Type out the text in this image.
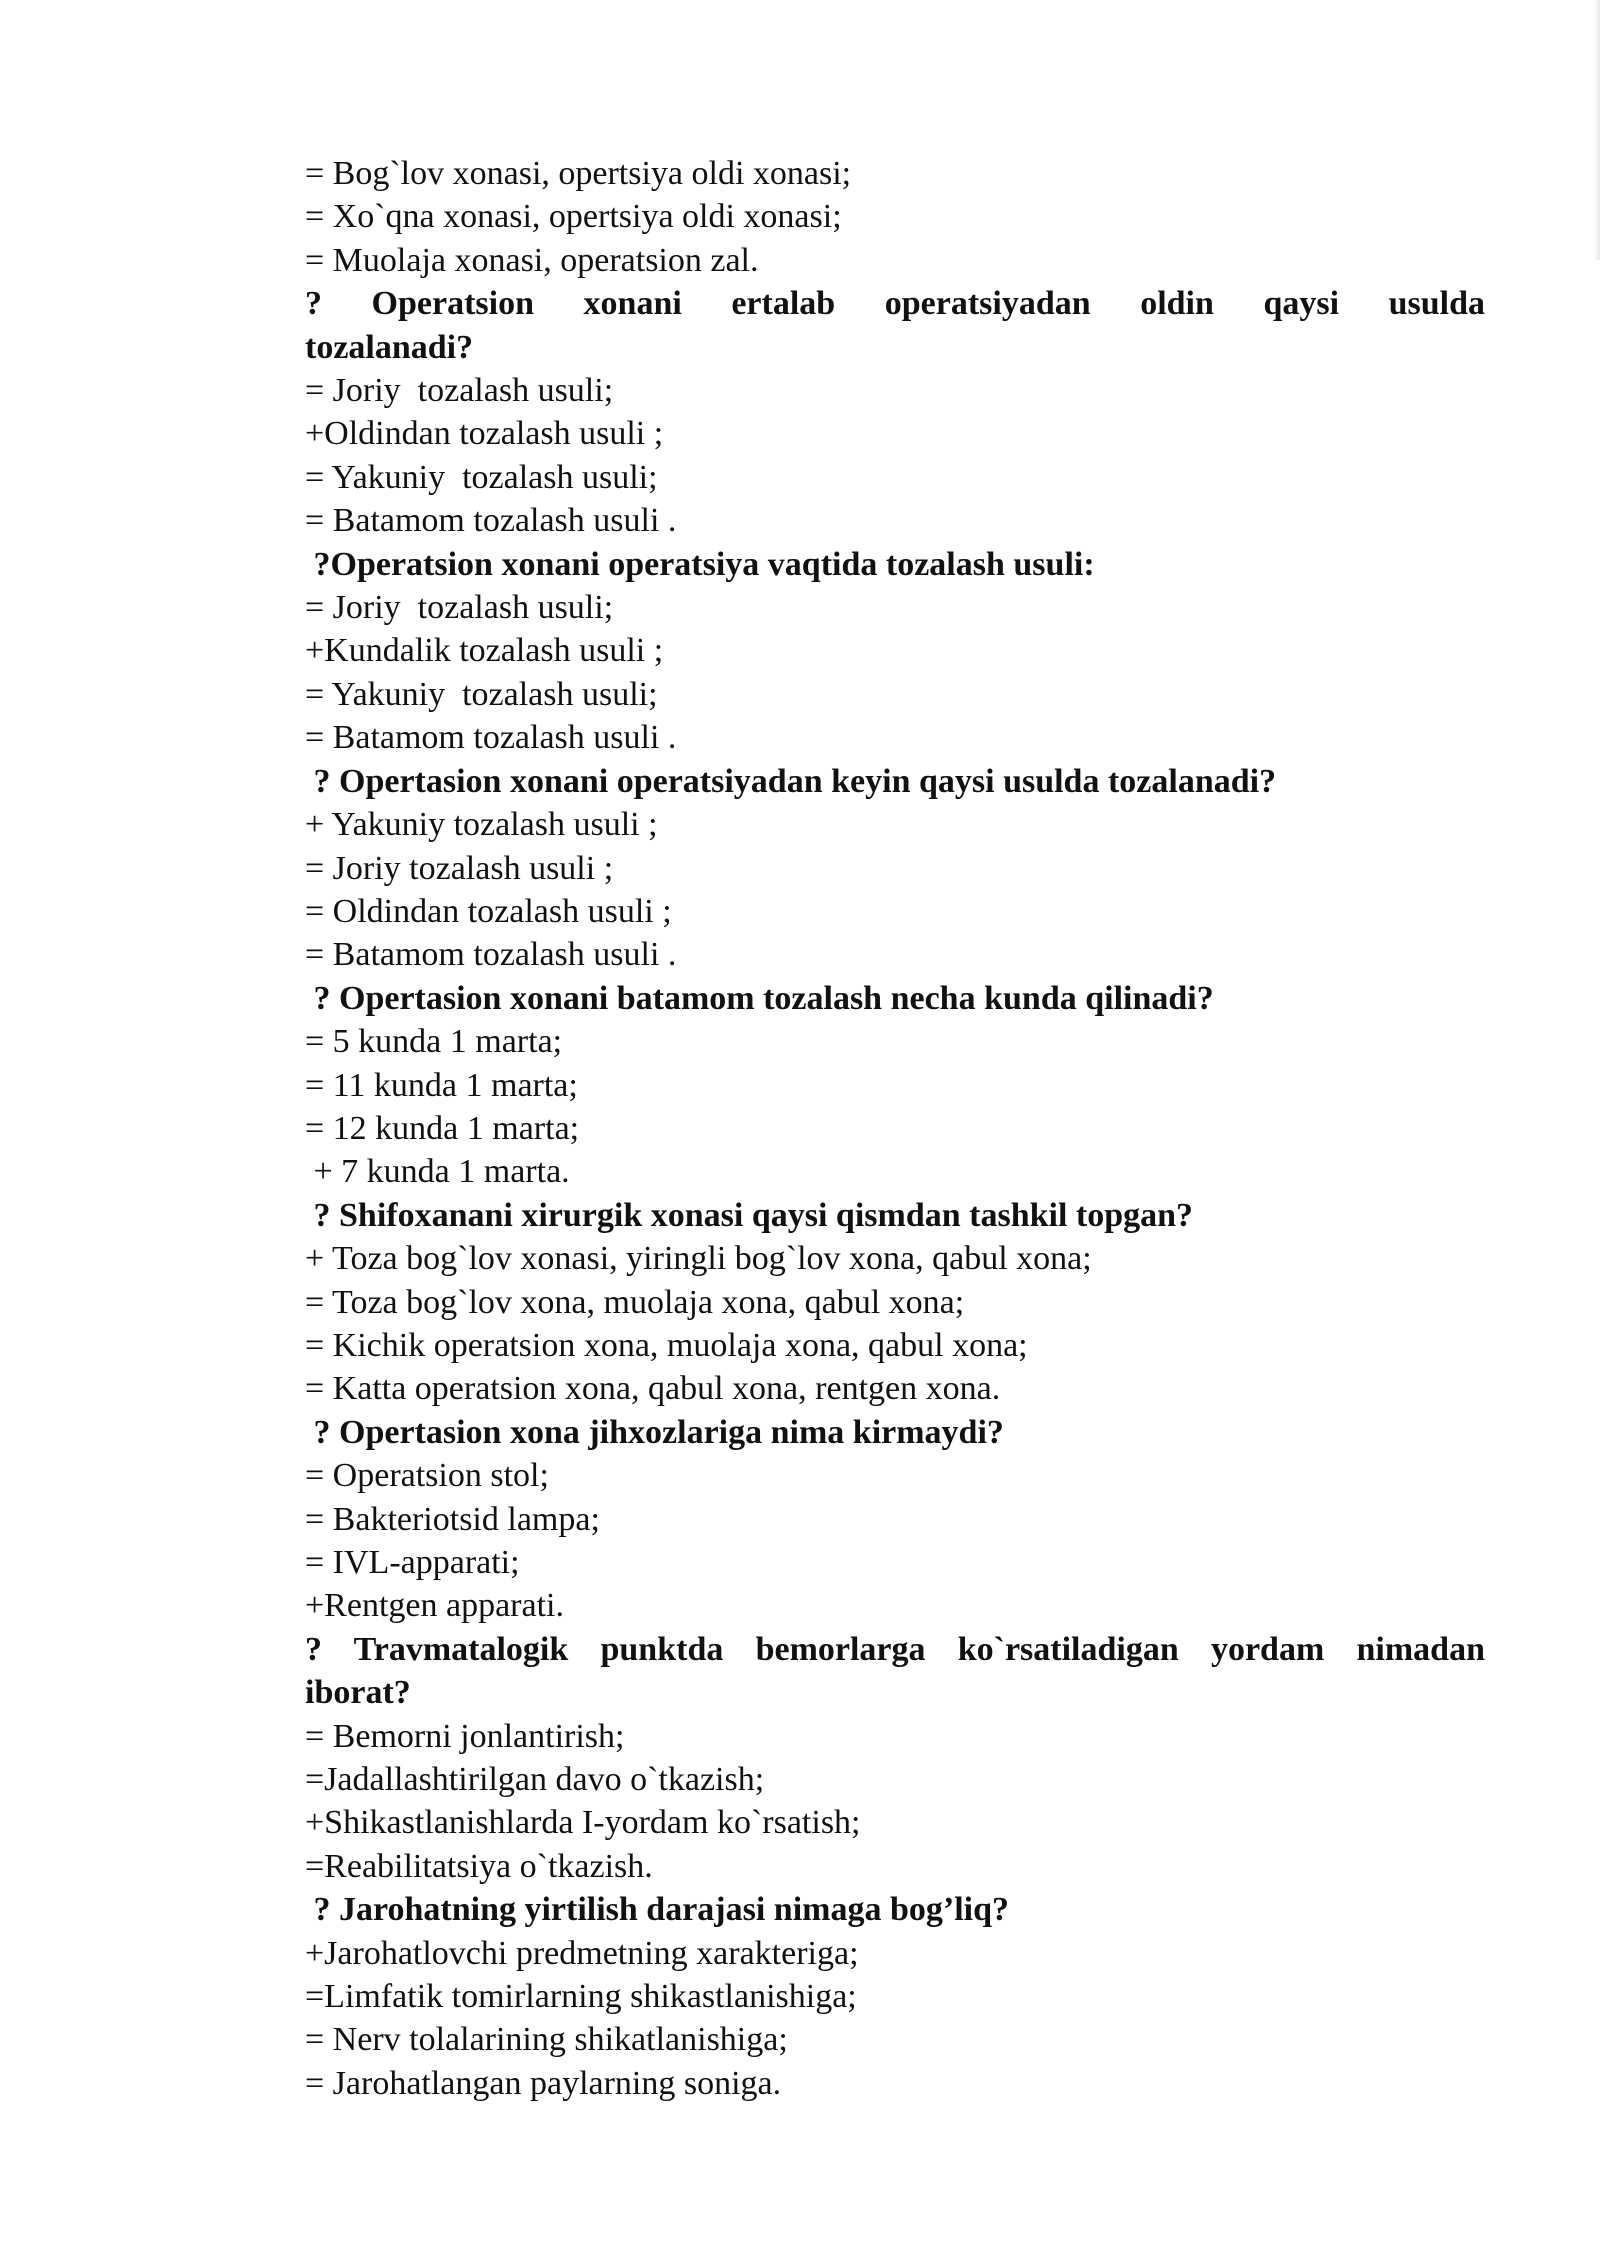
= Bog`lov xonasi, opertsiya oldi xonasi;
= Xo`qna xonasi, opertsiya oldi xonasi;
= Muolaja xonasi, operatsion zal.
? Operatsion xonani ertalab operatsiyadan oldin qaysi usulda
tozalanadi?
= Joriy  tozalash usuli;
+Oldindan tozalash usuli ;
= Yakuniy  tozalash usuli;
= Batamom tozalash usuli .
?Operatsion xonani operatsiya vaqtida tozalash usuli:
= Joriy  tozalash usuli;
+Kundalik tozalash usuli ;
= Yakuniy  tozalash usuli;
= Batamom tozalash usuli .
? Opertasion xonani operatsiyadan keyin qaysi usulda tozalanadi?
+ Yakuniy tozalash usuli ;
= Joriy tozalash usuli ;
= Oldindan tozalash usuli ;
= Batamom tozalash usuli .
? Opertasion xonani batamom tozalash necha kunda qilinadi?
= 5 kunda 1 marta;
= 11 kunda 1 marta;
= 12 kunda 1 marta;
+ 7 kunda 1 marta.
? Shifoxanani xirurgik xonasi qaysi qismdan tashkil topgan?
+ Toza bog`lov xonasi, yiringli bog`lov xona, qabul xona;
= Toza bog`lov xona, muolaja xona, qabul xona;
= Kichik operatsion xona, muolaja xona, qabul xona;
= Katta operatsion xona, qabul xona, rentgen xona.
? Opertasion xona jihxozlariga nima kirmaydi?
= Operatsion stol;
= Bakteriotsid lampa;
= IVL-apparati;
+Rentgen apparati.
? Travmatalogik punktda bemorlarga ko`rsatiladigan yordam nimadan
iborat?
= Bemorni jonlantirish;
=Jadallashtirilgan davo o`tkazish;
+Shikastlanishlarda I-yordam ko`rsatish;
=Reabilitatsiya o`tkazish.
? Jarohatning yirtilish darajasi nimaga bog’liq?
+Jarohatlovchi predmetning xarakteriga;
=Limfatik tomirlarning shikastlanishiga;
= Nerv tolalarining shikatlanishiga;
= Jarohatlangan paylarning soniga.
